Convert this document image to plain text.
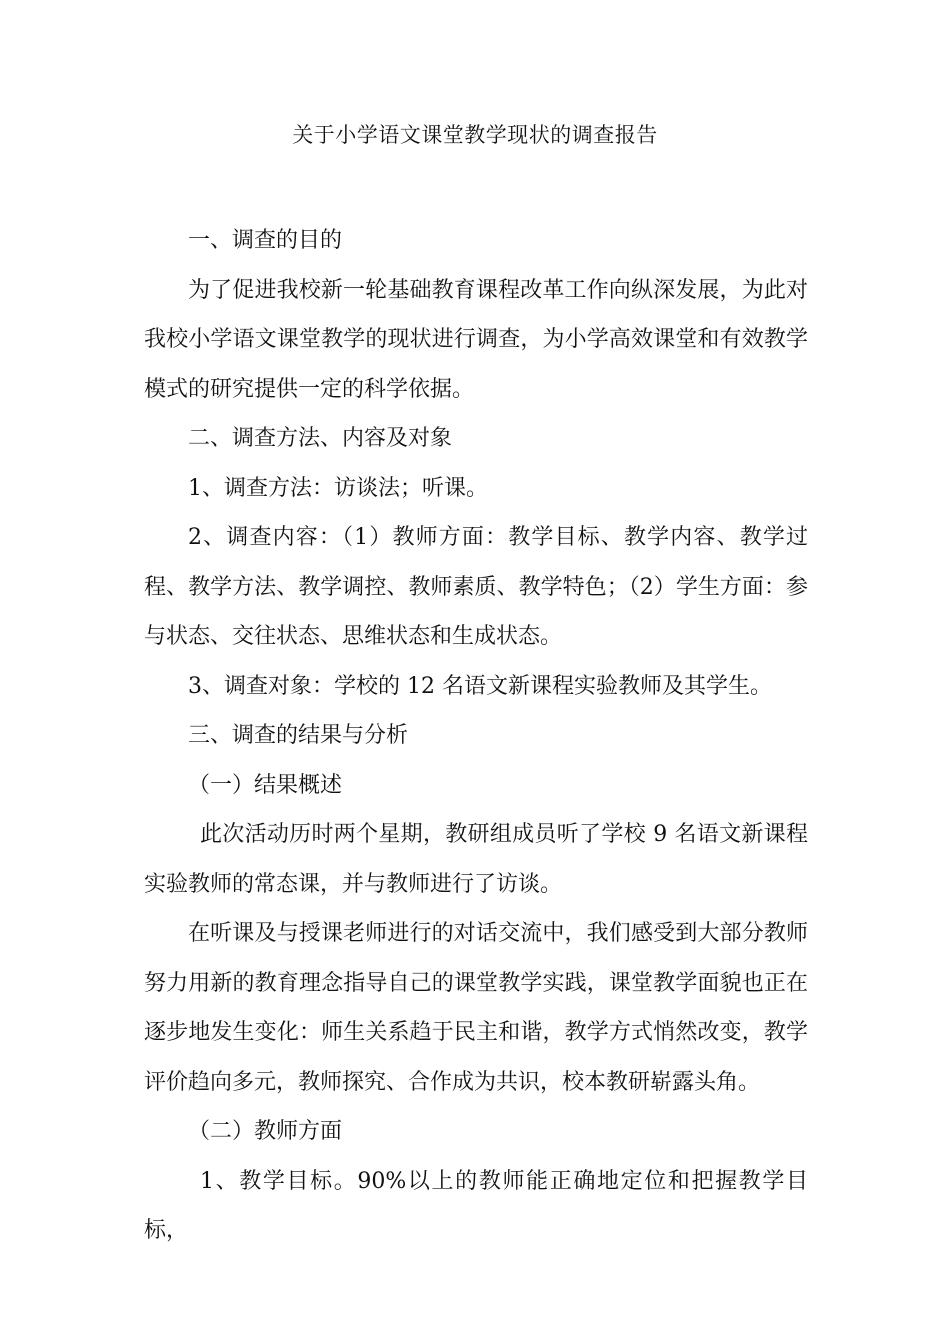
关于小学语文课堂教学现状的调查报告

一、调查的目的

为了促进我校新一轮基础教育课程改革工作向纵深发展，为此对我校小学语文课堂教学的现状进行调查，为小学高效课堂和有效教学模式的研究提供一定的科学依据。

二、调查方法、内容及对象

1、调查方法：访谈法；听课。

2、调查内容：（1）教师方面：教学目标、教学内容、教学过程、教学方法、教学调控、教师素质、教学特色；（2）学生方面：参与状态、交往状态、思维状态和生成状态。

3、调查对象：学校的 12 名语文新课程实验教师及其学生。

三、调查的结果与分析

（一）结果概述

此次活动历时两个星期，教研组成员听了学校 9 名语文新课程实验教师的常态课，并与教师进行了访谈。

在听课及与授课老师进行的对话交流中，我们感受到大部分教师努力用新的教育理念指导自己的课堂教学实践，课堂教学面貌也正在逐步地发生变化：师生关系趋于民主和谐，教学方式悄然改变，教学评价趋向多元，教师探究、合作成为共识，校本教研崭露头角。

（二）教师方面

1、教学目标。90%以上的教师能正确地定位和把握教学目标，
